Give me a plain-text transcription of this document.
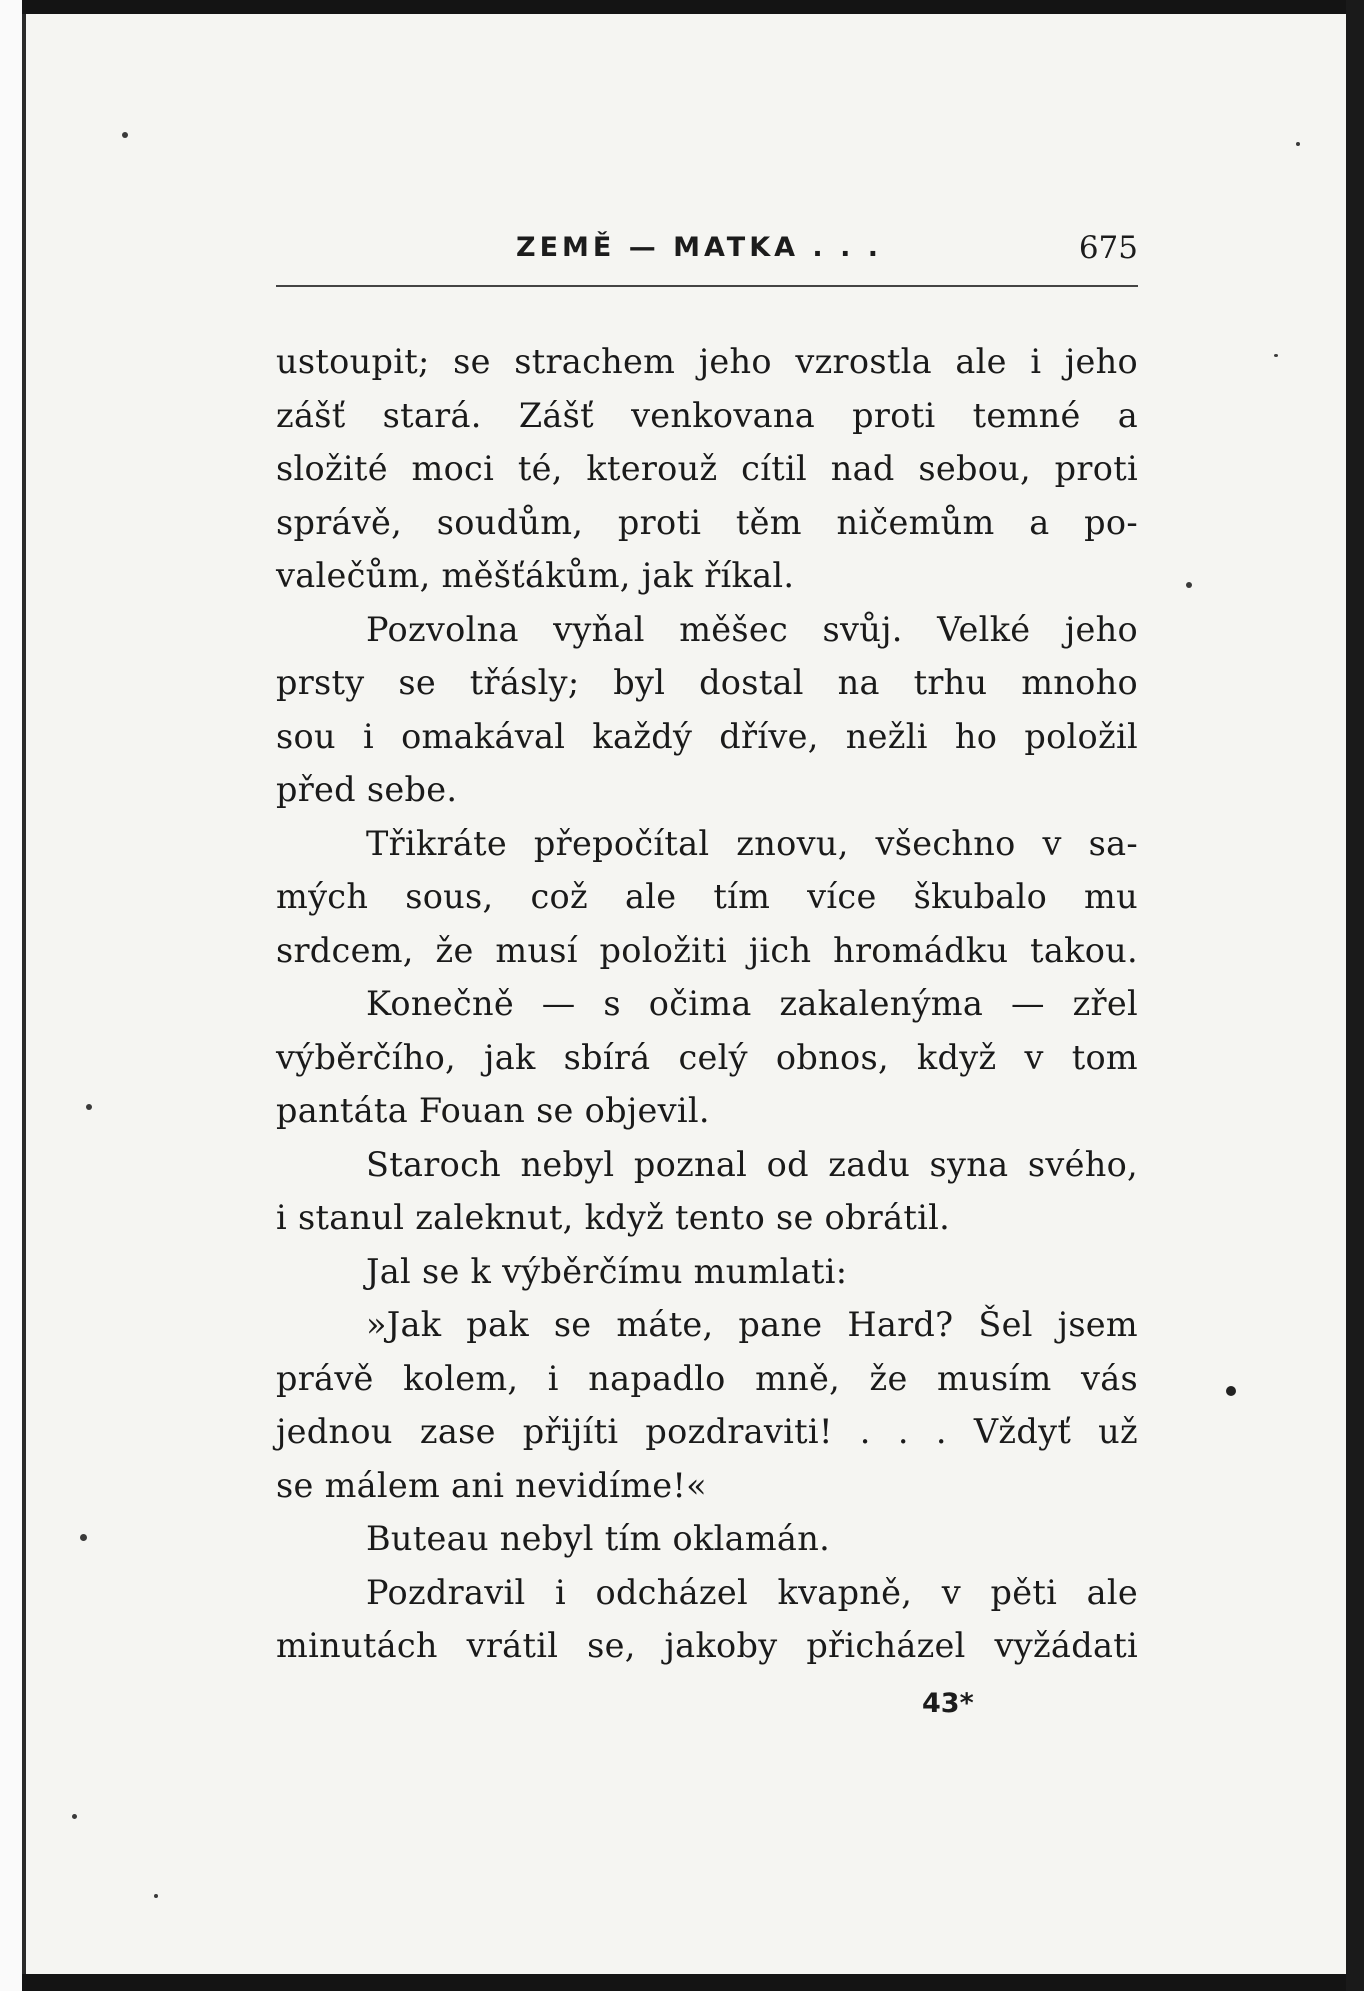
ZEMĚ — MATKA . . .	675
ustoupit; se strachem jeho vzrostla ale i jeho
zášť stará. Zášť venkovana proti temné a
složité moci té, kterouž cítil nad sebou, proti
správě, soudům, proti těm ničemům a po-
valečům, měšťákům, jak říkal.
Pozvolna vyňal měšec svůj. Velké jeho
prsty se třásly; byl dostal na trhu mnoho
sou i omakával každý dříve, nežli ho položil
před sebe.
Třikráte přepočítal znovu, všechno v sa-
mých sous, což ale tím více škubalo mu
srdcem, že musí položiti jich hromádku takou.
Konečně — s očima zakalenýma — zřel
výběrčího, jak sbírá celý obnos, když v tom
pantáta Fouan se objevil.
Staroch nebyl poznal od zadu syna svého,
i stanul zaleknut, když tento se obrátil.
Jal se k výběrčímu mumlati:
»Jak pak se máte, pane Hard? Šel jsem
právě kolem, i napadlo mně, že musím vás
jednou zase přijíti pozdraviti! . . . Vždyť už
se málem ani nevidíme!«
Buteau nebyl tím oklamán.
Pozdravil i odcházel kvapně, v pěti ale
minutách vrátil se, jakoby přicházel vyžádati
43*
